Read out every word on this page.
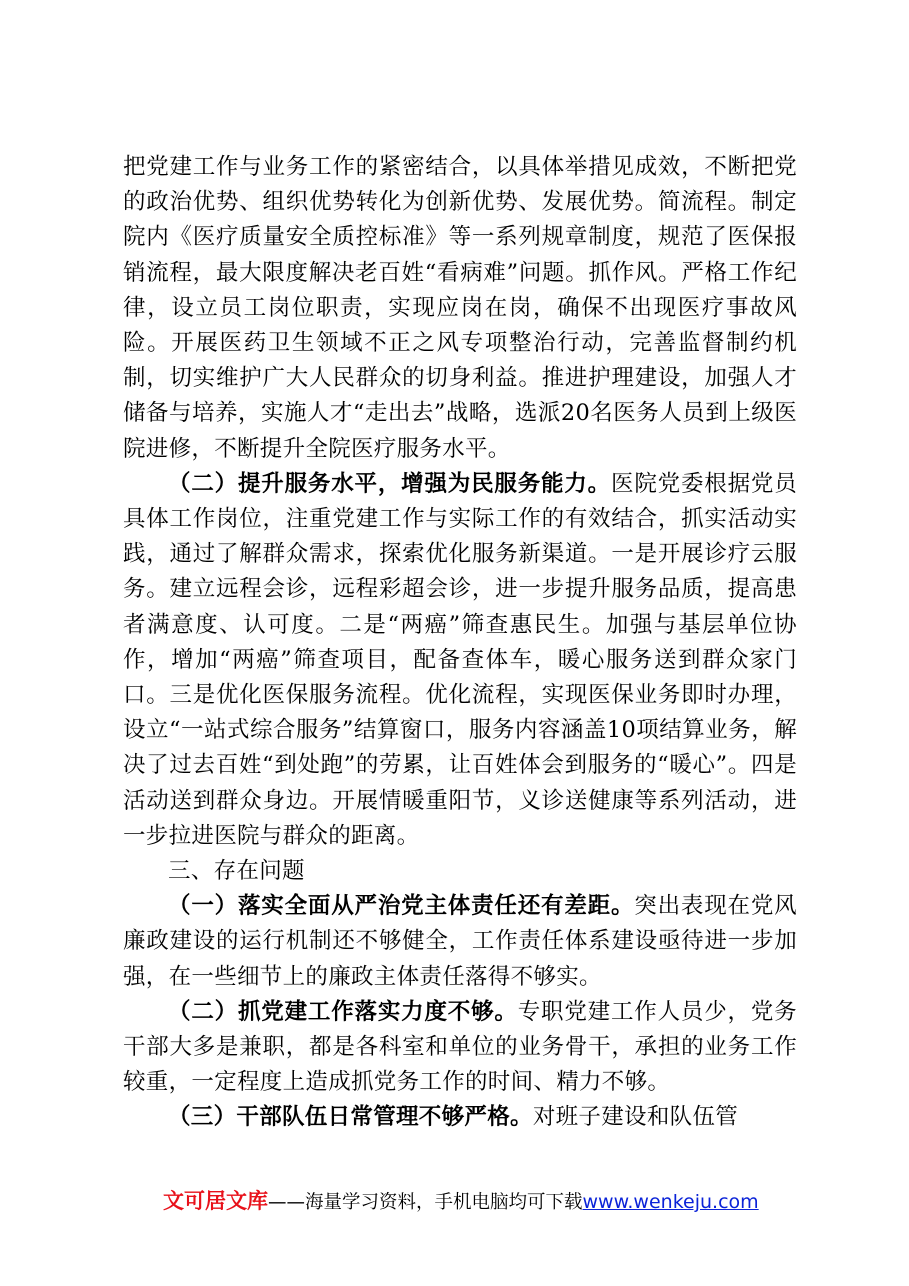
把党建工作与业务工作的紧密结合，以具体举措见成效，不断把党的政治优势、组织优势转化为创新优势、发展优势。简流程。制定院内《医疗质量安全质控标准》等一系列规章制度，规范了医保报销流程，最大限度解决老百姓“看病难”问题。抓作风。严格工作纪律，设立员工岗位职责，实现应岗在岗，确保不出现医疗事故风险。开展医药卫生领域不正之风专项整治行动，完善监督制约机制，切实维护广大人民群众的切身利益。推进护理建设，加强人才储备与培养，实施人才“走出去”战略，选派20名医务人员到上级医院进修，不断提升全院医疗服务水平。

（二）提升服务水平，增强为民服务能力。医院党委根据党员具体工作岗位，注重党建工作与实际工作的有效结合，抓实活动实践，通过了解群众需求，探索优化服务新渠道。一是开展诊疗云服务。建立远程会诊，远程彩超会诊，进一步提升服务品质，提高患者满意度、认可度。二是“两癌”筛查惠民生。加强与基层单位协作，增加“两癌”筛查项目，配备查体车，暖心服务送到群众家门口。三是优化医保服务流程。优化流程，实现医保业务即时办理，设立“一站式综合服务”结算窗口，服务内容涵盖10项结算业务，解决了过去百姓“到处跑”的劳累，让百姓体会到服务的“暖心”。四是活动送到群众身边。开展情暖重阳节，义诊送健康等系列活动，进一步拉进医院与群众的距离。

三、存在问题

（一）落实全面从严治党主体责任还有差距。突出表现在党风廉政建设的运行机制还不够健全，工作责任体系建设亟待进一步加强，在一些细节上的廉政主体责任落得不够实。

（二）抓党建工作落实力度不够。专职党建工作人员少，党务干部大多是兼职，都是各科室和单位的业务骨干，承担的业务工作较重，一定程度上造成抓党务工作的时间、精力不够。

（三）干部队伍日常管理不够严格。对班子建设和队伍管

文可居文库——海量学习资料，手机电脑均可下载www.wenkeju.com
